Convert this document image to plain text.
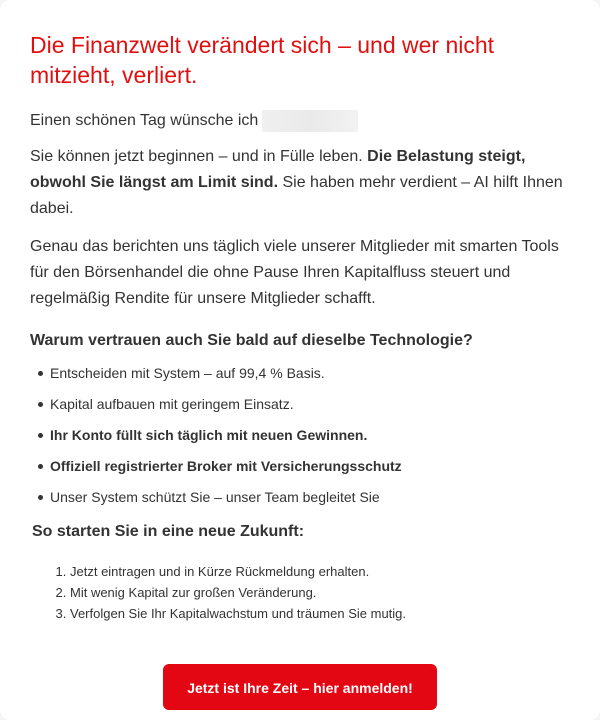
Die Finanzwelt verändert sich – und wer nicht mitzieht, verliert.

Einen schönen Tag wünsche ich

Sie können jetzt beginnen – und in Fülle leben. Die Belastung steigt, obwohl Sie längst am Limit sind. Sie haben mehr verdient – AI hilft Ihnen dabei.

Genau das berichten uns täglich viele unserer Mitglieder mit smarten Tools für den Börsenhandel die ohne Pause Ihren Kapitalfluss steuert und regelmäßig Rendite für unsere Mitglieder schafft.

Warum vertrauen auch Sie bald auf dieselbe Technologie?
Entscheiden mit System – auf 99,4 % Basis.
Kapital aufbauen mit geringem Einsatz.
Ihr Konto füllt sich täglich mit neuen Gewinnen.
Offiziell registrierter Broker mit Versicherungsschutz
Unser System schützt Sie – unser Team begleitet Sie
So starten Sie in eine neue Zukunft:
1. Jetzt eintragen und in Kürze Rückmeldung erhalten.
2. Mit wenig Kapital zur großen Veränderung.
3. Verfolgen Sie Ihr Kapitalwachstum und träumen Sie mutig.
Jetzt ist Ihre Zeit – hier anmelden!
